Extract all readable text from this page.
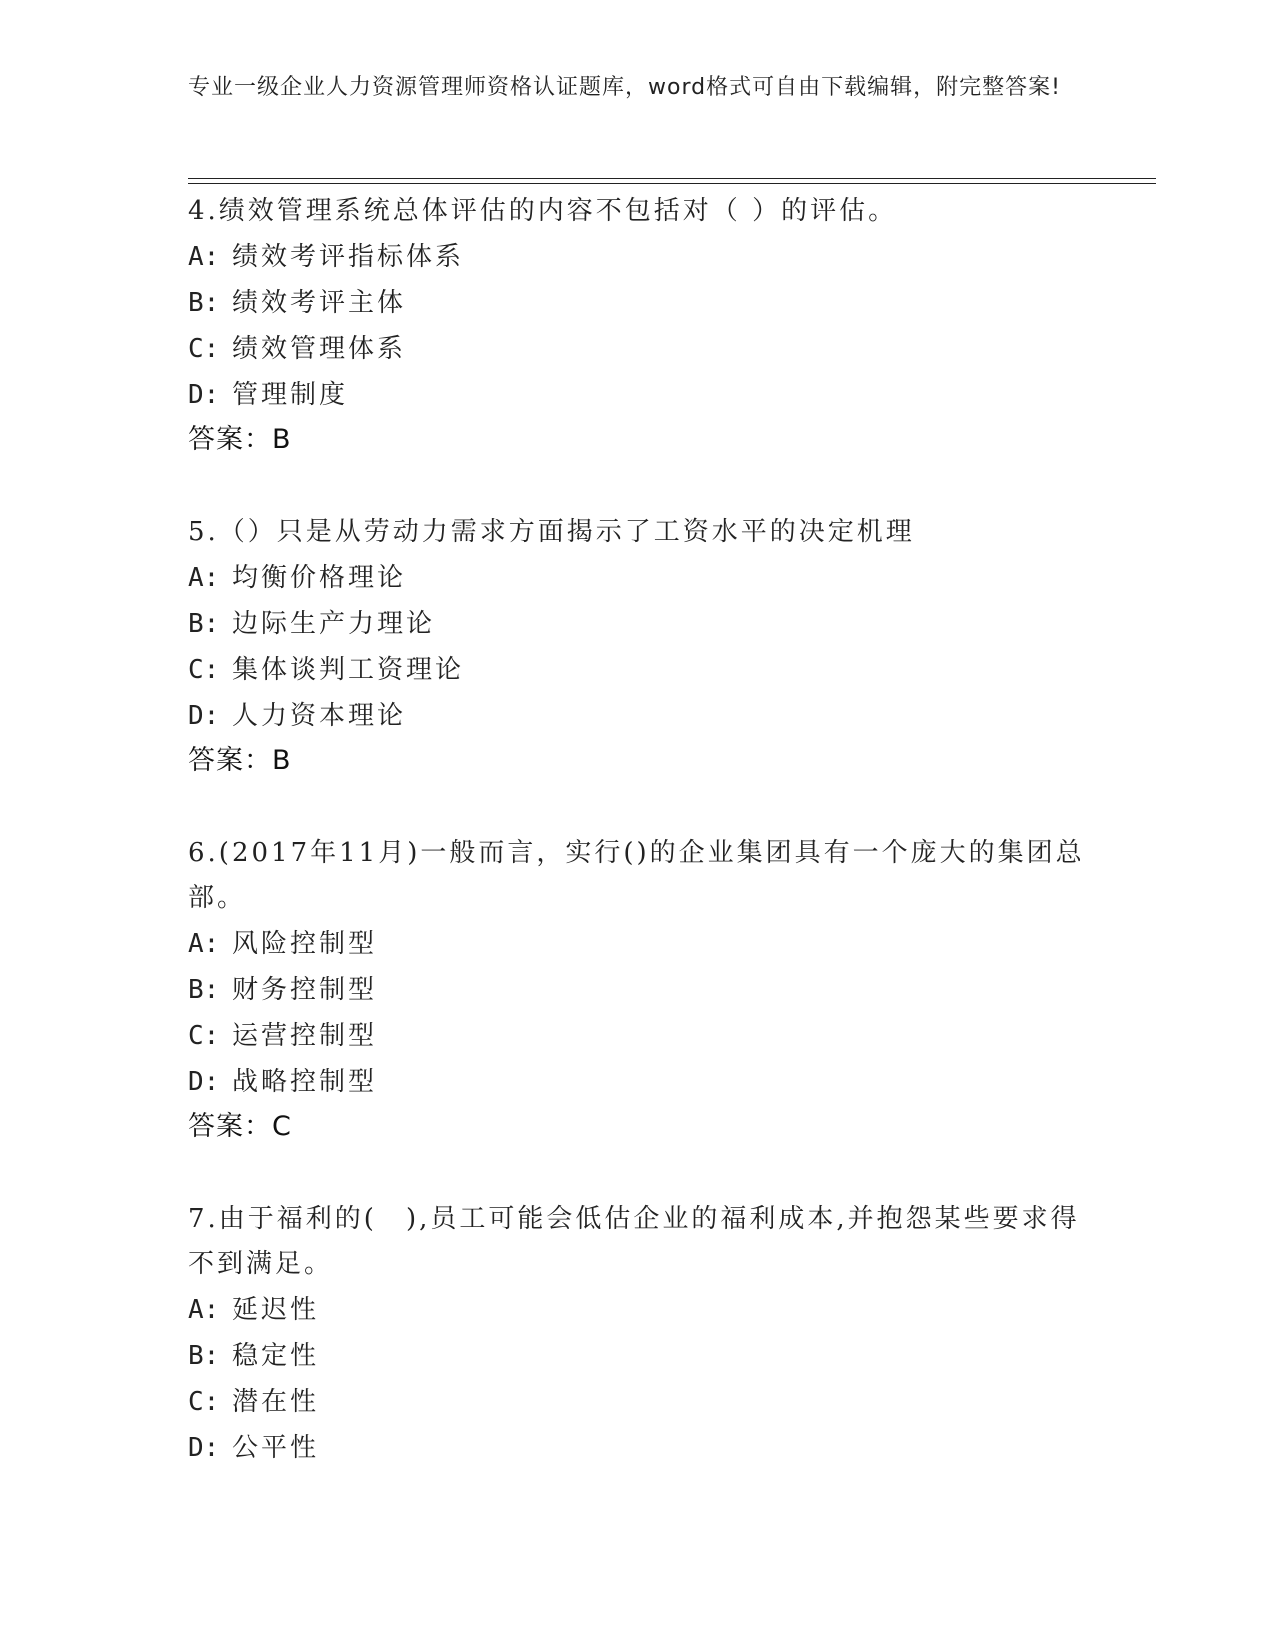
专业一级企业人力资源管理师资格认证题库，word格式可自由下载编辑，附完整答案!

4.绩效管理系统总体评估的内容不包括对（ ）的评估。

A: 绩效考评指标体系

B: 绩效考评主体

C: 绩效管理体系

D: 管理制度

答案：B

5.（）只是从劳动力需求方面揭示了工资水平的决定机理

A: 均衡价格理论

B: 边际生产力理论

C: 集体谈判工资理论

D: 人力资本理论

答案：B

6.(2017年11月)一般而言，实行()的企业集团具有一个庞大的集团总部。

A: 风险控制型

B: 财务控制型

C: 运营控制型

D: 战略控制型

答案：C

7.由于福利的(　),员工可能会低估企业的福利成本,并抱怨某些要求得不到满足。

A: 延迟性

B: 稳定性

C: 潜在性

D: 公平性
